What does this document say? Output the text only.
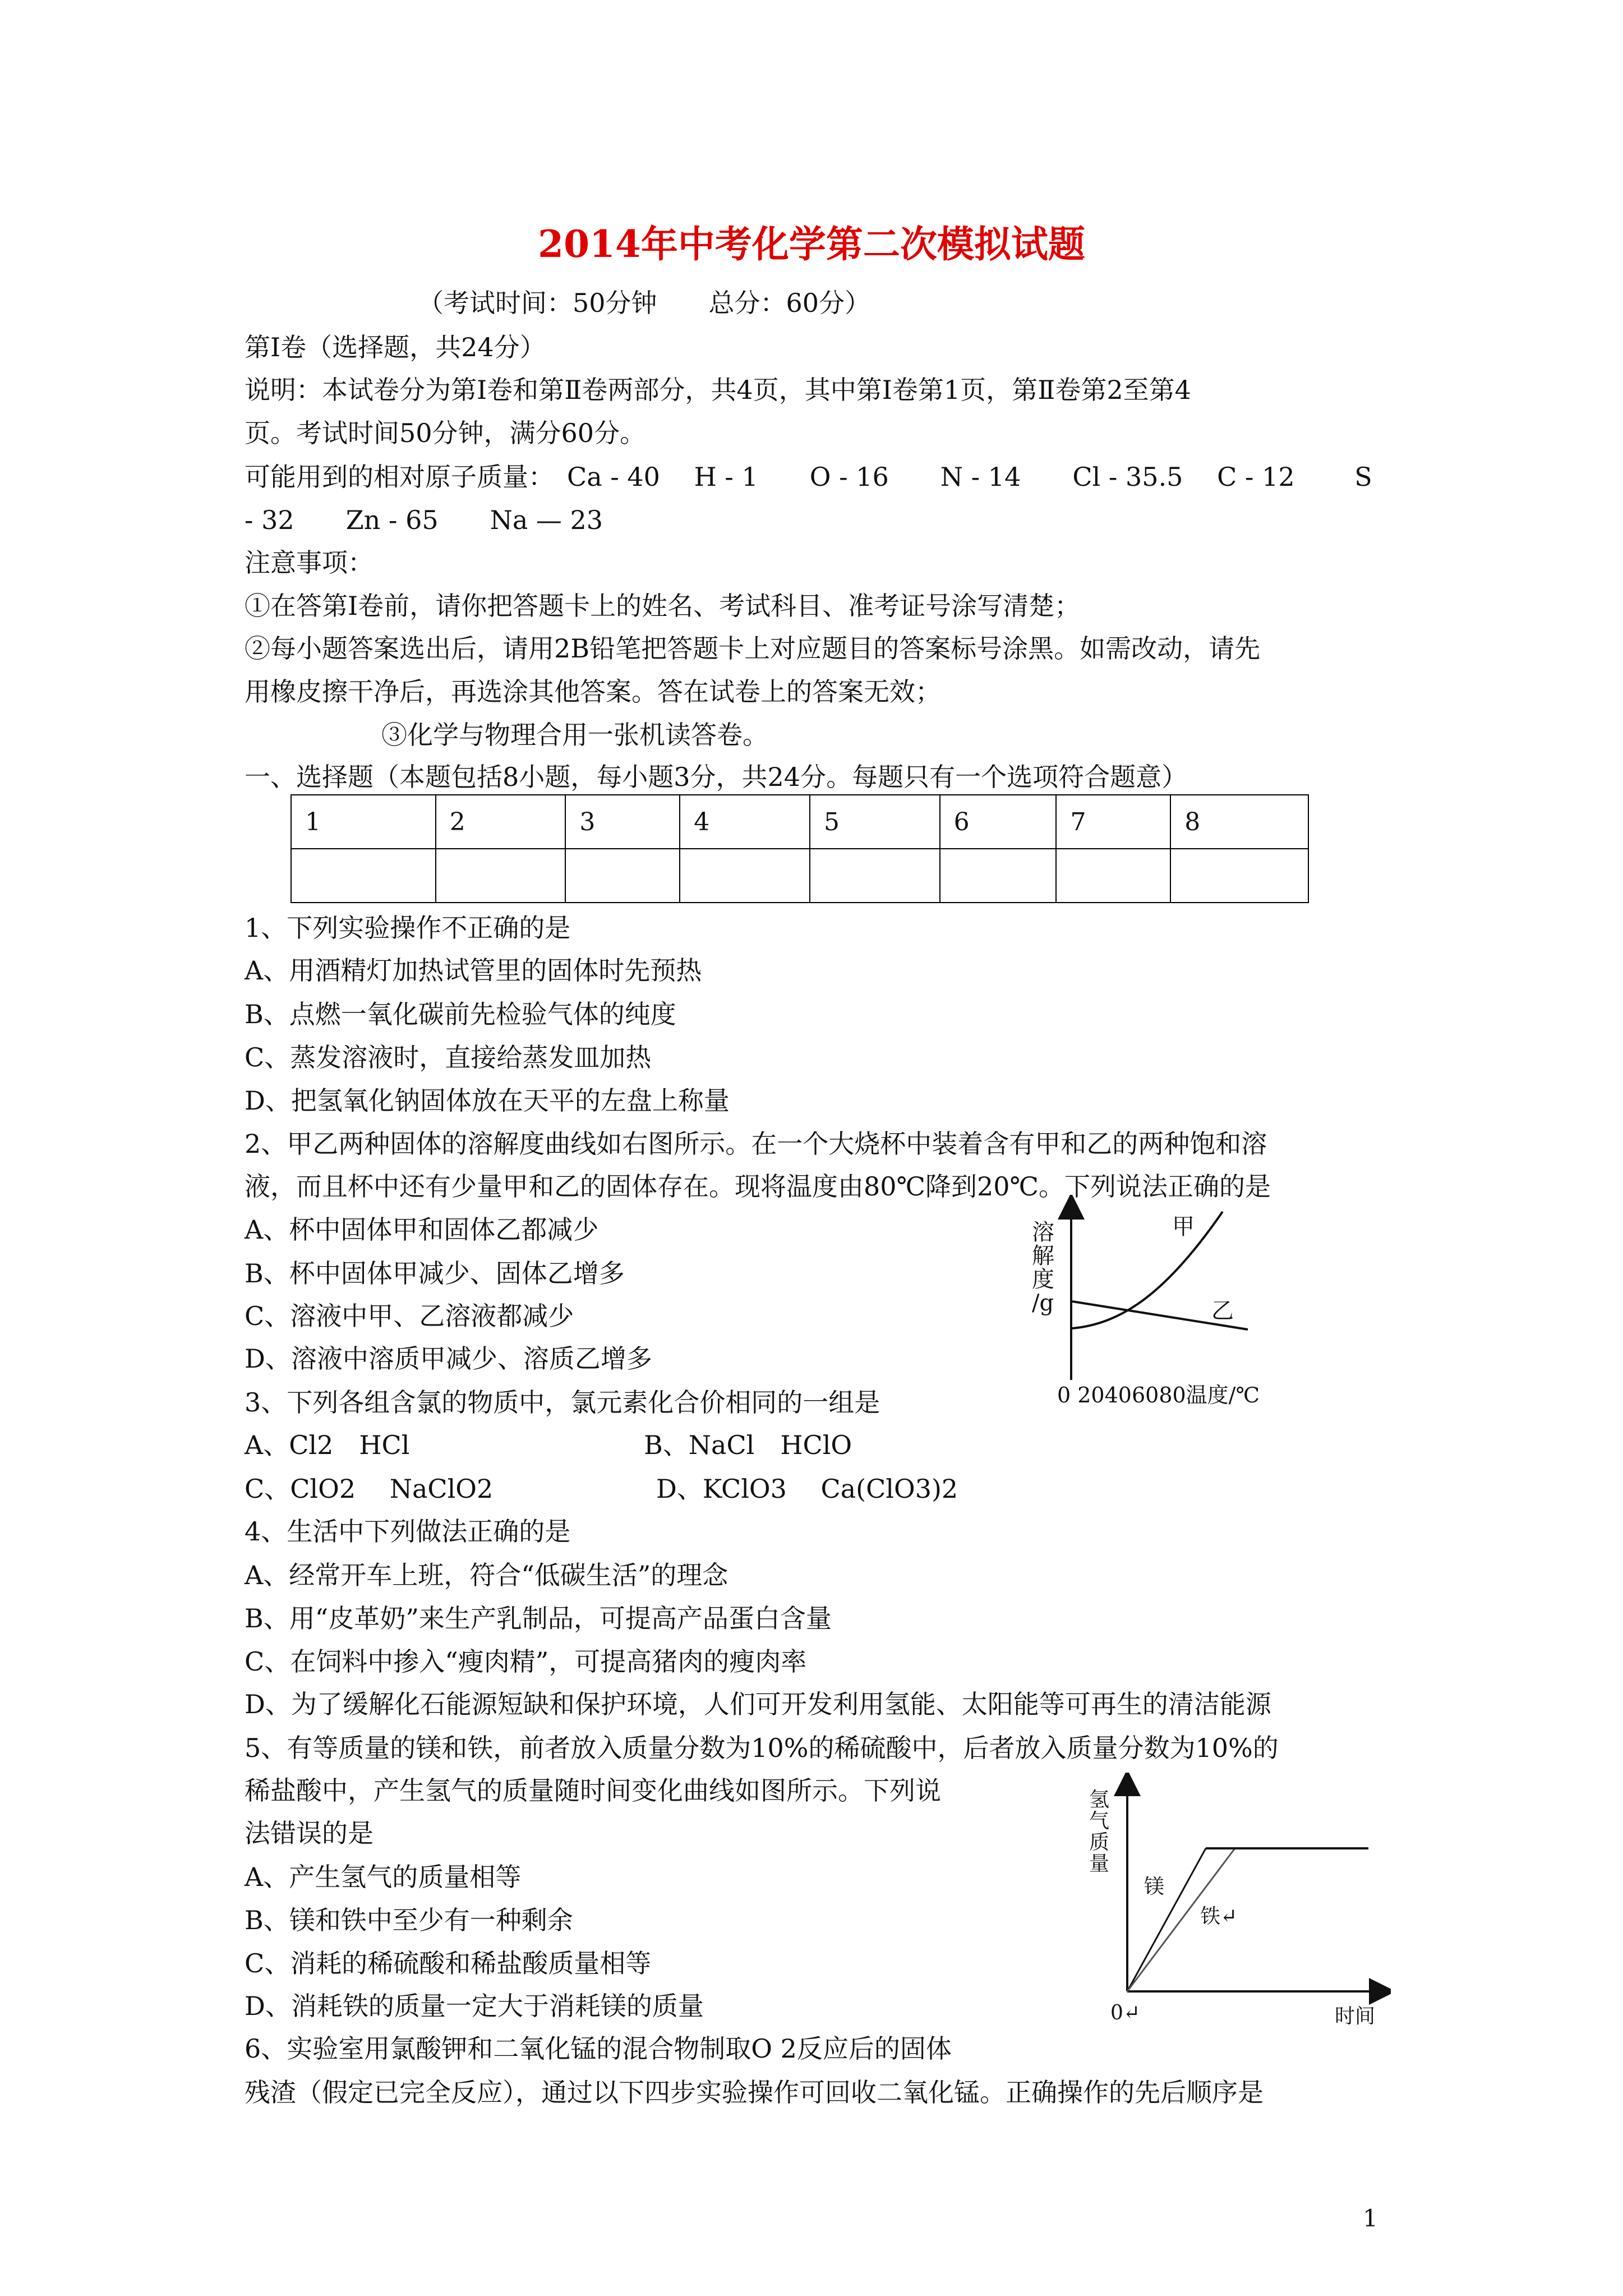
2014年中考化学第二次模拟试题
（考试时间：50分钟　　总分：60分）
第Ⅰ卷（选择题，共24分）
说明：本试卷分为第Ⅰ卷和第Ⅱ卷两部分，共4页，其中第Ⅰ卷第1页，第Ⅱ卷第2至第4
页。考试时间50分钟，满分60分。
可能用到的相对原子质量：　Ca - 40　 H - 1　　O - 16　　N - 14　　Cl - 35.5　 C - 12　　 S
- 32　　Zn - 65　　Na — 23
注意事项：
①在答第Ⅰ卷前，请你把答题卡上的姓名、考试科目、准考证号涂写清楚；
②每小题答案选出后，请用2B铅笔把答题卡上对应题目的答案标号涂黑。如需改动，请先
用橡皮擦干净后，再选涂其他答案。答在试卷上的答案无效；
③化学与物理合用一张机读答卷。
一、选择题（本题包括8小题，每小题3分，共24分。每题只有一个选项符合题意）
1	2	3	4	5	6	7	8

1、下列实验操作不正确的是
A、用酒精灯加热试管里的固体时先预热
B、点燃一氧化碳前先检验气体的纯度
C、蒸发溶液时，直接给蒸发皿加热
D、把氢氧化钠固体放在天平的左盘上称量
2、甲乙两种固体的溶解度曲线如右图所示。在一个大烧杯中装着含有甲和乙的两种饱和溶
液，而且杯中还有少量甲和乙的固体存在。现将温度由80℃降到20℃。下列说法正确的是
A、杯中固体甲和固体乙都减少
B、杯中固体甲减少、固体乙增多
C、溶液中甲、乙溶液都减少
D、溶液中溶质甲减少、溶质乙增多
3、下列各组含氯的物质中，氯元素化合价相同的一组是
A、Cl2　HCl	B、NaCl　HClO
C、ClO2　 NaClO2	D、KClO3　 Ca(ClO3)2
4、生活中下列做法正确的是
A、经常开车上班，符合“低碳生活”的理念
B、用“皮革奶”来生产乳制品，可提高产品蛋白含量
C、在饲料中掺入“瘦肉精”，可提高猪肉的瘦肉率
D、为了缓解化石能源短缺和保护环境，人们可开发利用氢能、太阳能等可再生的清洁能源
5、有等质量的镁和铁，前者放入质量分数为10%的稀硫酸中，后者放入质量分数为10%的
稀盐酸中，产生氢气的质量随时间变化曲线如图所示。下列说
法错误的是
A、产生氢气的质量相等
B、镁和铁中至少有一种剩余
C、消耗的稀硫酸和稀盐酸质量相等
D、消耗铁的质量一定大于消耗镁的质量
6、实验室用氯酸钾和二氧化锰的混合物制取O 2反应后的固体
残渣（假定已完全反应），通过以下四步实验操作可回收二氧化锰。正确操作的先后顺序是
溶
解
度
/g
甲
乙
0 20406080温度/℃
氢
气
质
量
镁
铁↵
0↵	时间
1
